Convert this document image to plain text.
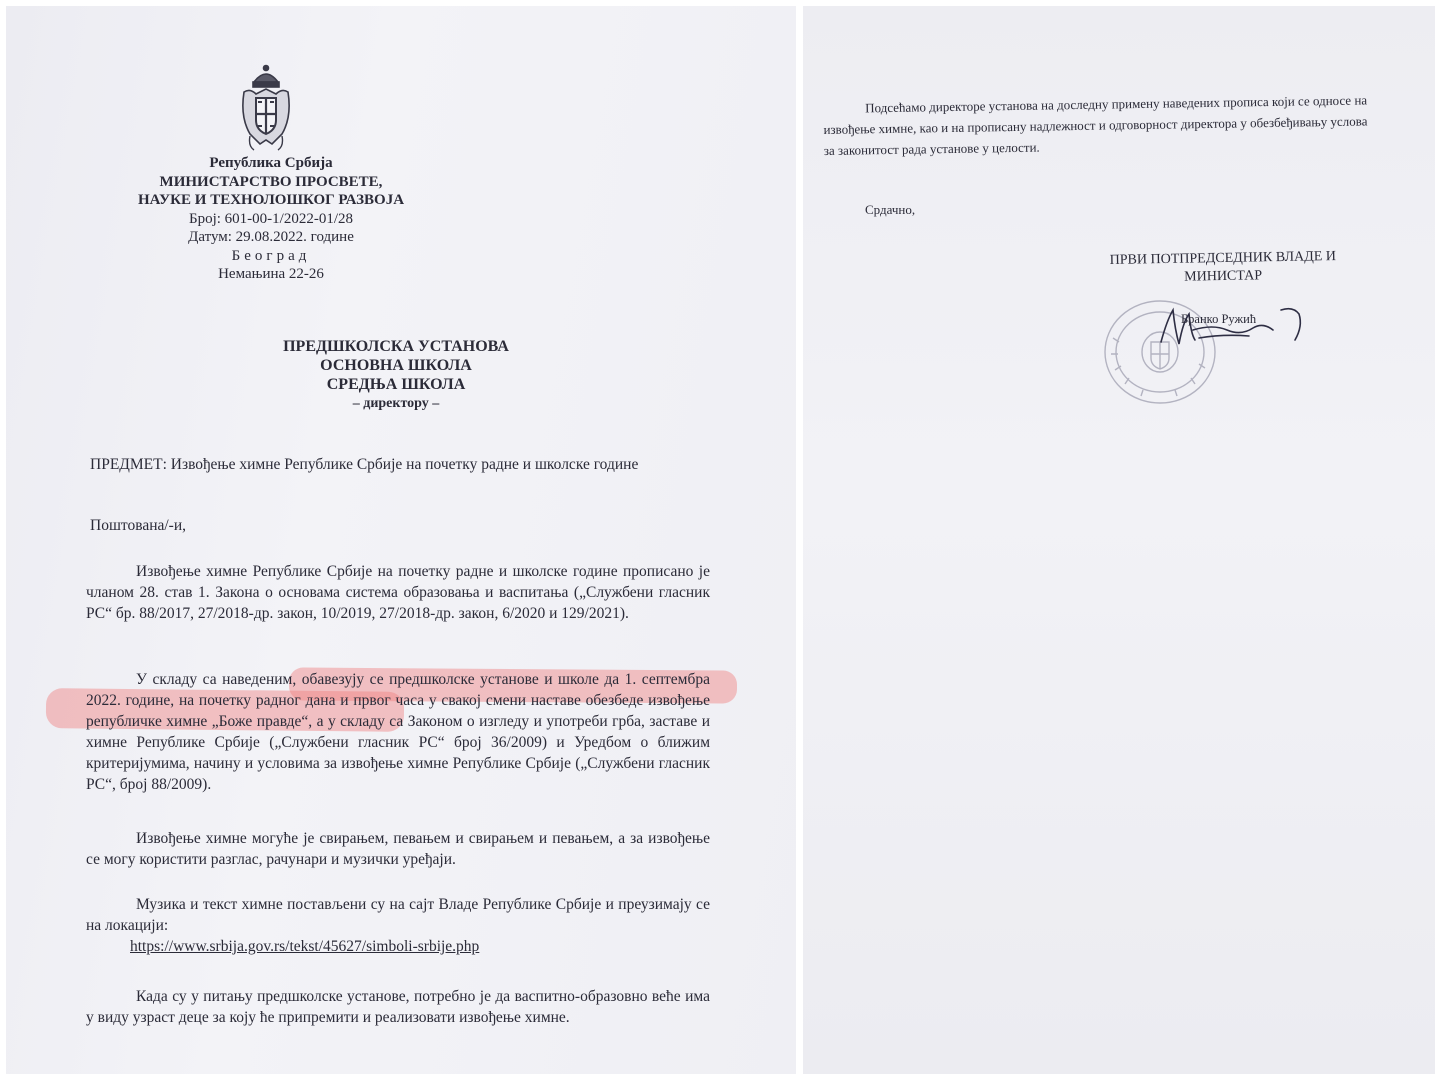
Република Србија
МИНИСТАРСТВО ПРОСВЕТЕ,
НАУКЕ И ТЕХНОЛОШКОГ РАЗВОЈА
Број: 601-00-1/2022-01/28
Датум: 29.08.2022. године
Београд
Немањина 22-26
ПРЕДШКОЛСКА УСТАНОВА
ОСНОВНА ШКОЛА
СРЕДЊА ШКОЛА
– директору –
ПРЕДМЕТ: Извођење химне Републике Србије на почетку радне и школске године
Поштована/-и,

Извођење химне Републике Србије на почетку радне и школске године прописано је чланом 28. став 1. Закона о основама система образовања и васпитања („Службени гласник РС“ бр. 88/2017, 27/2018-др. закон, 10/2019, 27/2018-др. закон, 6/2020 и 129/2021).

У складу са наведеним, обавезују се предшколске установе и школе да 1. септембра 2022. године, на почетку радног дана и првог часа у свакој смени наставе обезбеде извођење републичке химне „Боже правде“, а у складу са Законом о изгледу и употреби грба, заставе и химне Републике Србије („Службени гласник РС“ број 36/2009) и Уредбом о ближим критеријумима, начину и условима за извођење химне Републике Србије („Службени гласник РС“, број 88/2009).

Извођење химне могуће је свирањем, певањем и свирањем и певањем, а за извођење се могу користити разглас, рачунари и музички уређаји.

Музика и текст химне постављени су на сајт Владе Републике Србије и преузимају се на локацији:

https://www.srbija.gov.rs/tekst/45627/simboli-srbije.php

Када су у питању предшколске установе, потребно је да васпитно-образовно веће има у виду узраст деце за коју ће припремити и реализовати извођење химне.

Подсећамо директоре установа на доследну примену наведених прописа који се односе на извођење химне, као и на прописану надлежност и одговорност директора у обезбеђивању услова за законитост рада установе у целости.

Срдачно,
ПРВИ ПОТПРЕДСЕДНИК ВЛАДЕ И
МИНИСТАР
Бранко Ружић
